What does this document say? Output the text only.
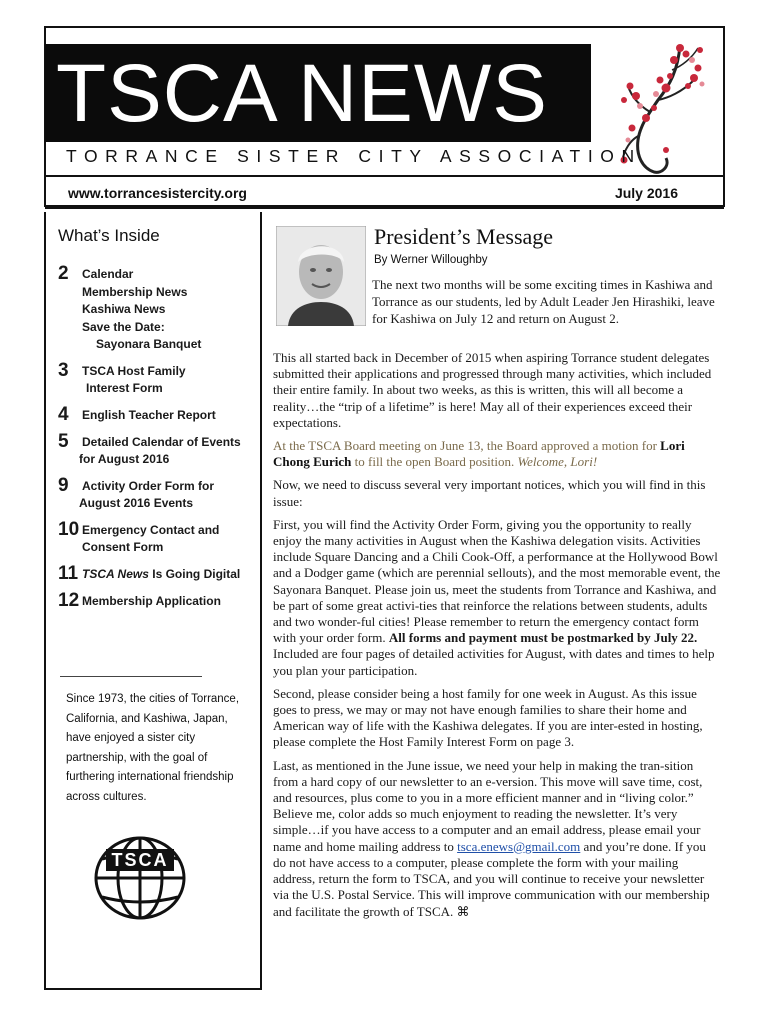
TSCA NEWS
TORRANCE SISTER CITY ASSOCIATION
www.torrancesistercity.org	July 2016
What’s Inside
2	Calendar
Membership News
Kashiwa News
Save the Date:
Sayonara Banquet
3	TSCA Host Family
Interest Form
4	English Teacher Report
5	Detailed Calendar of Events
for August 2016
9	Activity Order Form for
August 2016 Events
10 Emergency Contact and
Consent Form
11 TSCA News Is Going Digital
12 Membership Application
Since 1973, the cities of Torrance, California, and Kashiwa, Japan, have enjoyed a sister city partnership, with the goal of furthering international friendship across cultures.
TSCA
President’s Message
By Werner Willoughby
The next two months will be some exciting times in Kashiwa and Torrance as our students, led by Adult Leader Jen Hirashiki, leave for Kashiwa on July 12 and return on August 2.

This all started back in December of 2015 when aspiring Torrance student delegates submitted their applications and progressed through many activities, which included their entire family. In about two weeks, as this is written, this will all become a reality…the “trip of a lifetime” is here! May all of their experiences exceed their expectations.

At the TSCA Board meeting on June 13, the Board approved a motion for Lori Chong Eurich to fill the open Board position. Welcome, Lori!

Now, we need to discuss several very important notices, which you will find in this issue:

First, you will find the Activity Order Form, giving you the opportunity to really enjoy the many activities in August when the Kashiwa delegation visits. Activities include Square Dancing and a Chili Cook-Off, a performance at the Hollywood Bowl and a Dodger game (which are perennial sellouts), and the most memorable event, the Sayonara Banquet. Please join us, meet the students from Torrance and Kashiwa, and be part of some great activi-ties that reinforce the relations between students, adults and two wonder-ful cities! Please remember to return the emergency contact form with your order form. All forms and payment must be postmarked by July 22. Included are four pages of detailed activities for August, with dates and times to help you plan your participation.

Second, please consider being a host family for one week in August. As this issue goes to press, we may or may not have enough families to share their home and American way of life with the Kashiwa delegates. If you are inter-ested in hosting, please complete the Host Family Interest Form on page 3.

Last, as mentioned in the June issue, we need your help in making the tran-sition from a hard copy of our newsletter to an e-version. This move will save time, cost, and resources, plus come to you in a more efficient manner and in “living color.” Believe me, color adds so much enjoyment to reading the newsletter. It’s very simple…if you have access to a computer and an email address, please email your name and home mailing address to tsca.enews@gmail.com and you’re done. If you do not have access to a computer, please complete the form with your mailing address, return the form to TSCA, and you will continue to receive your newsletter via the U.S. Postal Service. This will improve communication with our membership and facilitate the growth of TSCA. ⌘
